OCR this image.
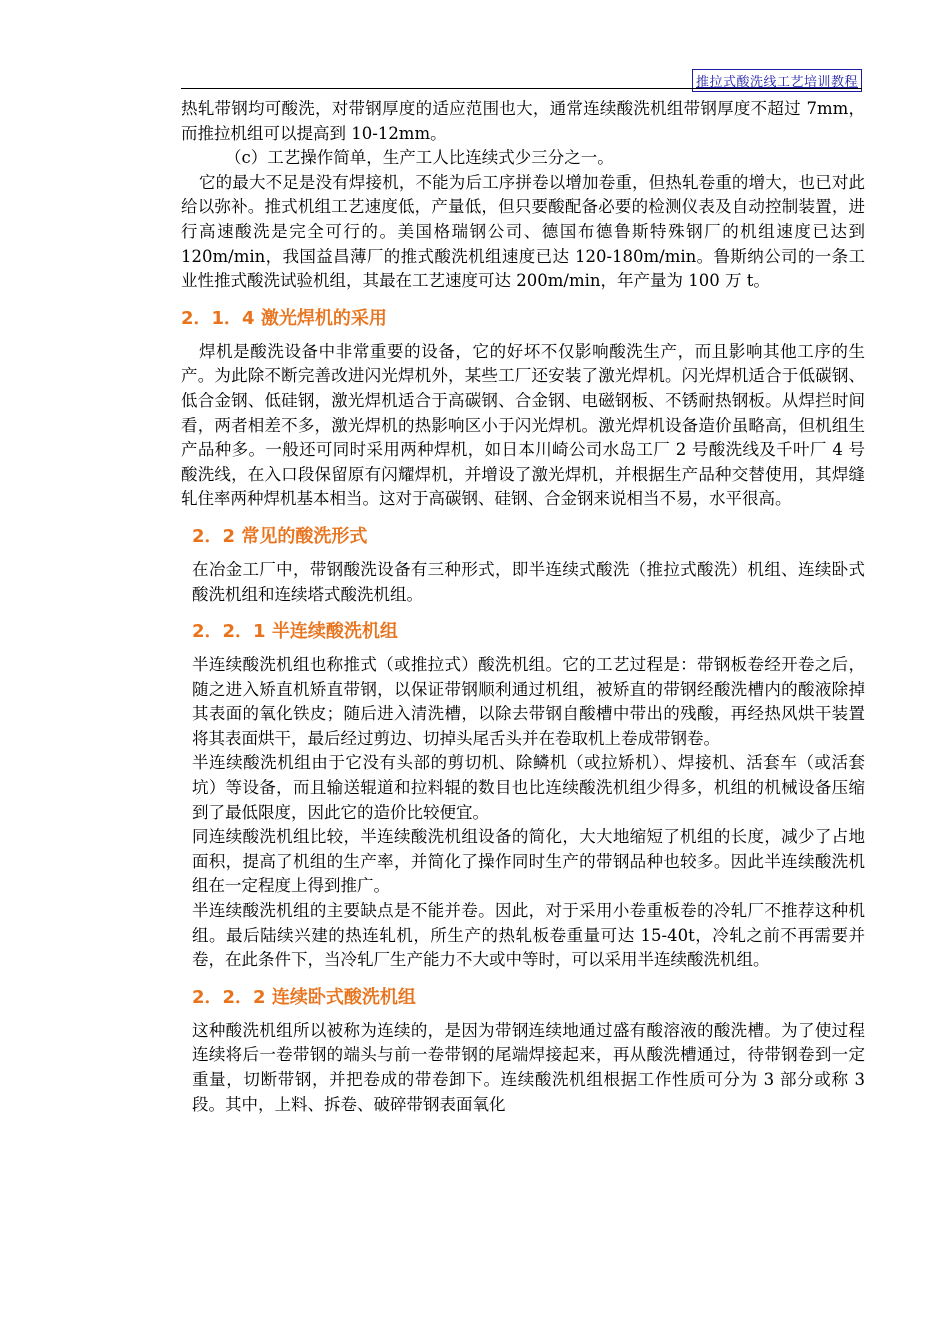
推拉式酸洗线工艺培训教程

热轧带钢均可酸洗，对带钢厚度的适应范围也大，通常连续酸洗机组带钢厚度不超过 7mm，而推拉机组可以提高到 10-12mm。

（c）工艺操作简单，生产工人比连续式少三分之一。

它的最大不足是没有焊接机，不能为后工序拼卷以增加卷重，但热轧卷重的增大，也已对此给以弥补。推式机组工艺速度低，产量低，但只要酸配备必要的检测仪表及自动控制装置，进行高速酸洗是完全可行的。美国格瑞钢公司、德国布德鲁斯特殊钢厂的机组速度已达到 120m/min，我国益昌薄厂的推式酸洗机组速度已达 120-180m/min。鲁斯纳公司的一条工业性推式酸洗试验机组，其最在工艺速度可达 200m/min，年产量为 100 万 t。

2．1．4 激光焊机的采用

焊机是酸洗设备中非常重要的设备，它的好坏不仅影响酸洗生产，而且影响其他工序的生产。为此除不断完善改进闪光焊机外，某些工厂还安装了激光焊机。闪光焊机适合于低碳钢、低合金钢、低硅钢，激光焊机适合于高碳钢、合金钢、电磁钢板、不锈耐热钢板。从焊拦时间看，两者相差不多，激光焊机的热影响区小于闪光焊机。激光焊机设备造价虽略高，但机组生产品种多。一般还可同时采用两种焊机，如日本川崎公司水岛工厂 2 号酸洗线及千叶厂 4 号酸洗线，在入口段保留原有闪耀焊机，并增设了激光焊机，并根据生产品种交替使用，其焊缝轧住率两种焊机基本相当。这对于高碳钢、硅钢、合金钢来说相当不易，水平很高。

2．2 常见的酸洗形式

在冶金工厂中，带钢酸洗设备有三种形式，即半连续式酸洗（推拉式酸洗）机组、连续卧式酸洗机组和连续塔式酸洗机组。

2．2．1 半连续酸洗机组

半连续酸洗机组也称推式（或推拉式）酸洗机组。它的工艺过程是：带钢板卷经开卷之后，随之进入矫直机矫直带钢，以保证带钢顺利通过机组，被矫直的带钢经酸洗槽内的酸液除掉其表面的氧化铁皮；随后进入清洗槽，以除去带钢自酸槽中带出的残酸，再经热风烘干装置将其表面烘干，最后经过剪边、切掉头尾舌头并在卷取机上卷成带钢卷。

半连续酸洗机组由于它没有头部的剪切机、除鳞机（或拉矫机）、焊接机、活套车（或活套坑）等设备，而且输送辊道和拉料辊的数目也比连续酸洗机组少得多，机组的机械设备压缩到了最低限度，因此它的造价比较便宜。

同连续酸洗机组比较，半连续酸洗机组设备的简化，大大地缩短了机组的长度，减少了占地面积，提高了机组的生产率，并简化了操作同时生产的带钢品种也较多。因此半连续酸洗机组在一定程度上得到推广。

半连续酸洗机组的主要缺点是不能并卷。因此，对于采用小卷重板卷的冷轧厂不推荐这种机组。最后陆续兴建的热连轧机，所生产的热轧板卷重量可达 15-40t，冷轧之前不再需要并卷，在此条件下，当冷轧厂生产能力不大或中等时，可以采用半连续酸洗机组。

2．2．2 连续卧式酸洗机组

这种酸洗机组所以被称为连续的，是因为带钢连续地通过盛有酸溶液的酸洗槽。为了使过程连续将后一卷带钢的端头与前一卷带钢的尾端焊接起来，再从酸洗槽通过，待带钢卷到一定重量，切断带钢，并把卷成的带卷卸下。连续酸洗机组根据工作性质可分为 3 部分或称 3 段。其中，上料、拆卷、破碎带钢表面氧化
